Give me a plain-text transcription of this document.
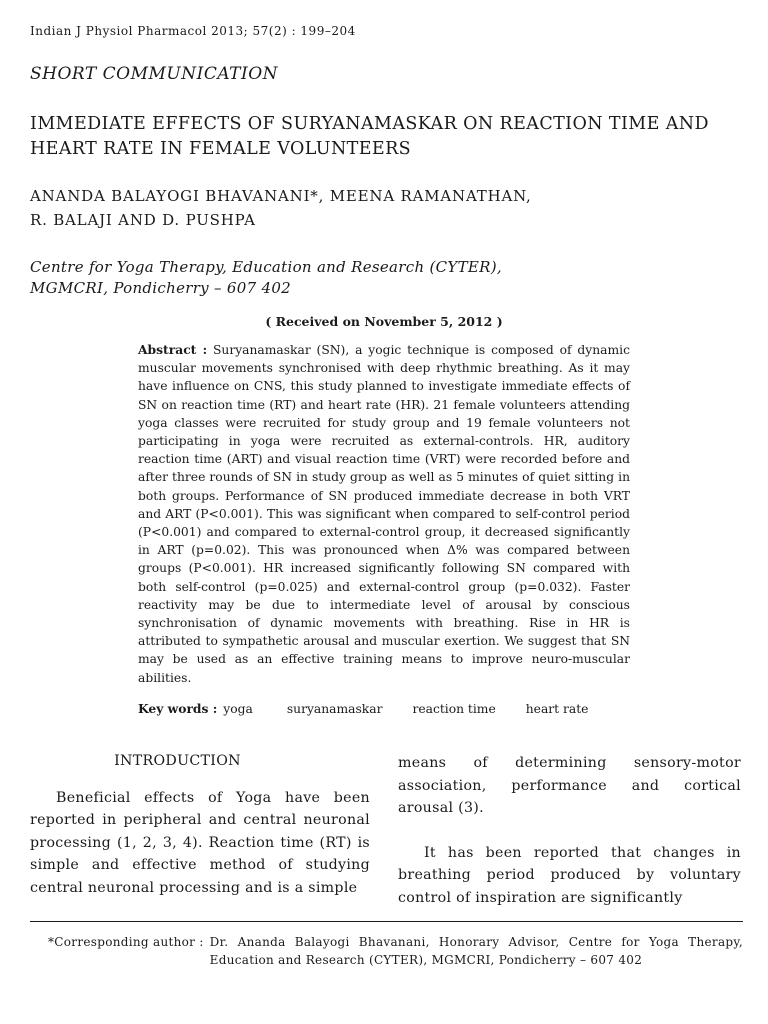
Indian J Physiol Pharmacol 2013; 57(2) : 199–204
SHORT COMMUNICATION
IMMEDIATE EFFECTS OF SURYANAMASKAR ON REACTION TIME AND HEART RATE IN FEMALE VOLUNTEERS
ANANDA BALAYOGI BHAVANANI*, MEENA RAMANATHAN,
R. BALAJI AND D. PUSHPA
Centre for Yoga Therapy, Education and Research (CYTER),
MGMCRI, Pondicherry – 607 402
( Received on November 5, 2012 )
Abstract : Suryanamaskar (SN), a yogic technique is composed of dynamic muscular movements synchronised with deep rhythmic breathing. As it may have influence on CNS, this study planned to investigate immediate effects of SN on reaction time (RT) and heart rate (HR). 21 female volunteers attending yoga classes were recruited for study group and 19 female volunteers not participating in yoga were recruited as external-controls. HR, auditory reaction time (ART) and visual reaction time (VRT) were recorded before and after three rounds of SN in study group as well as 5 minutes of quiet sitting in both groups. Performance of SN produced immediate decrease in both VRT and ART (P<0.001). This was significant when compared to self-control period (P<0.001) and compared to external-control group, it decreased significantly in ART (p=0.02). This was pronounced when Δ% was compared between groups (P<0.001). HR increased significantly following SN compared with both self-control (p=0.025) and external-control group (p=0.032). Faster reactivity may be due to intermediate level of arousal by conscious synchronisation of dynamic movements with breathing. Rise in HR is attributed to sympathetic arousal and muscular exertion. We suggest that SN may be used as an effective training means to improve neuro-muscular abilities.
Key words : yoga	suryanamaskar reaction time heart rate
INTRODUCTION

Beneficial effects of Yoga have been reported in peripheral and central neuronal processing (1, 2, 3, 4). Reaction time (RT) is simple and effective method of studying central neuronal processing and is a simple

means of determining sensory-motor association, performance and cortical arousal (3).

It has been reported that changes in breathing period produced by voluntary control of inspiration are significantly

*Corresponding author : Dr. Ananda Balayogi Bhavanani, Honorary Advisor, Centre for Yoga Therapy, Education and Research (CYTER), MGMCRI, Pondicherry – 607 402
